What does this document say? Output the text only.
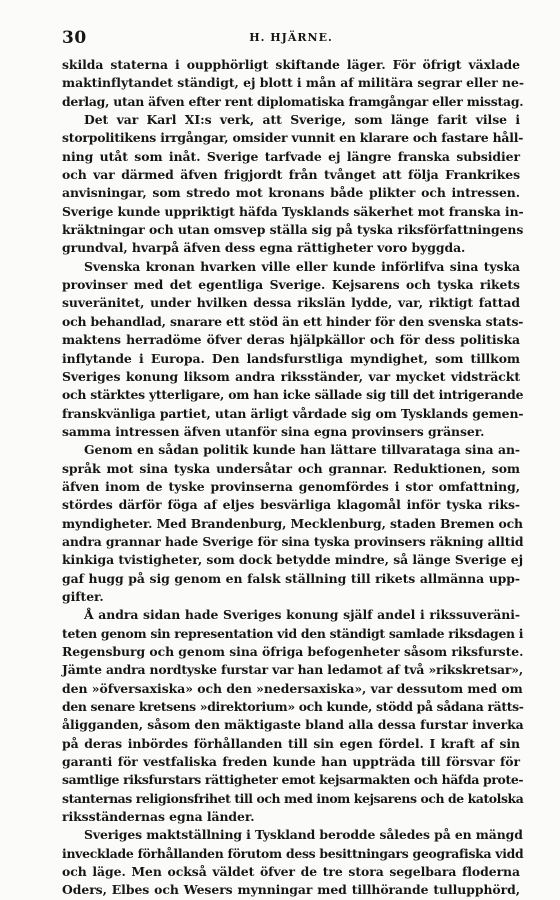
30	H. HJÄRNE.
skilda staterna i oupphörligt skiftande läger. För öfrigt växlade
maktinflytandet ständigt, ej blott i mån af militära segrar eller ne-
derlag, utan äfven efter rent diplomatiska framgångar eller misstag.
Det var Karl XI:s verk, att Sverige, som länge farit vilse i
storpolitikens irrgångar, omsider vunnit en klarare och fastare håll-
ning utåt som inåt. Sverige tarfvade ej längre franska subsidier
och var därmed äfven frigjordt från tvånget att följa Frankrikes
anvisningar, som stredo mot kronans både plikter och intressen.
Sverige kunde uppriktigt häfda Tysklands säkerhet mot franska in-
kräktningar och utan omsvep ställa sig på tyska riksförfattningens
grundval, hvarpå äfven dess egna rättigheter voro byggda.
Svenska kronan hvarken ville eller kunde införlifva sina tyska
provinser med det egentliga Sverige. Kejsarens och tyska rikets
suveränitet, under hvilken dessa rikslän lydde, var, riktigt fattad
och behandlad, snarare ett stöd än ett hinder för den svenska stats-
maktens herradöme öfver deras hjälpkällor och för dess politiska
inflytande i Europa. Den landsfurstliga myndighet, som tillkom
Sveriges konung liksom andra riksständer, var mycket vidsträckt
och stärktes ytterligare, om han icke sällade sig till det intrigerande
franskvänliga partiet, utan ärligt vårdade sig om Tysklands gemen-
samma intressen äfven utanför sina egna provinsers gränser.
Genom en sådan politik kunde han lättare tillvarataga sina an-
språk mot sina tyska undersåtar och grannar. Reduktionen, som
äfven inom de tyske provinserna genomfördes i stor omfattning,
stördes därför föga af eljes besvärliga klagomål inför tyska riks-
myndigheter. Med Brandenburg, Mecklenburg, staden Bremen och
andra grannar hade Sverige för sina tyska provinsers räkning alltid
kinkiga tvistigheter, som dock betydde mindre, så länge Sverige ej
gaf hugg på sig genom en falsk ställning till rikets allmänna upp-
gifter.
Å andra sidan hade Sveriges konung själf andel i rikssuveräni-
teten genom sin representation vid den ständigt samlade riksdagen i
Regensburg och genom sina öfriga befogenheter såsom riksfurste.
Jämte andra nordtyske furstar var han ledamot af två »rikskretsar»,
den »öfversaxiska» och den »nedersaxiska», var dessutom med om
den senare kretsens »direktorium» och kunde, stödd på sådana rätts-
åligganden, såsom den mäktigaste bland alla dessa furstar inverka
på deras inbördes förhållanden till sin egen fördel. I kraft af sin
garanti för vestfaliska freden kunde han uppträda till försvar för
samtlige riksfurstars rättigheter emot kejsarmakten och häfda prote-
stanternas religionsfrihet till och med inom kejsarens och de katolska
riksständernas egna länder.
Sveriges maktställning i Tyskland berodde således på en mängd
invecklade förhållanden förutom dess besittningars geografiska vidd
och läge. Men också väldet öfver de tre stora segelbara floderna
Oders, Elbes och Wesers mynningar med tillhörande tullupphörd,
